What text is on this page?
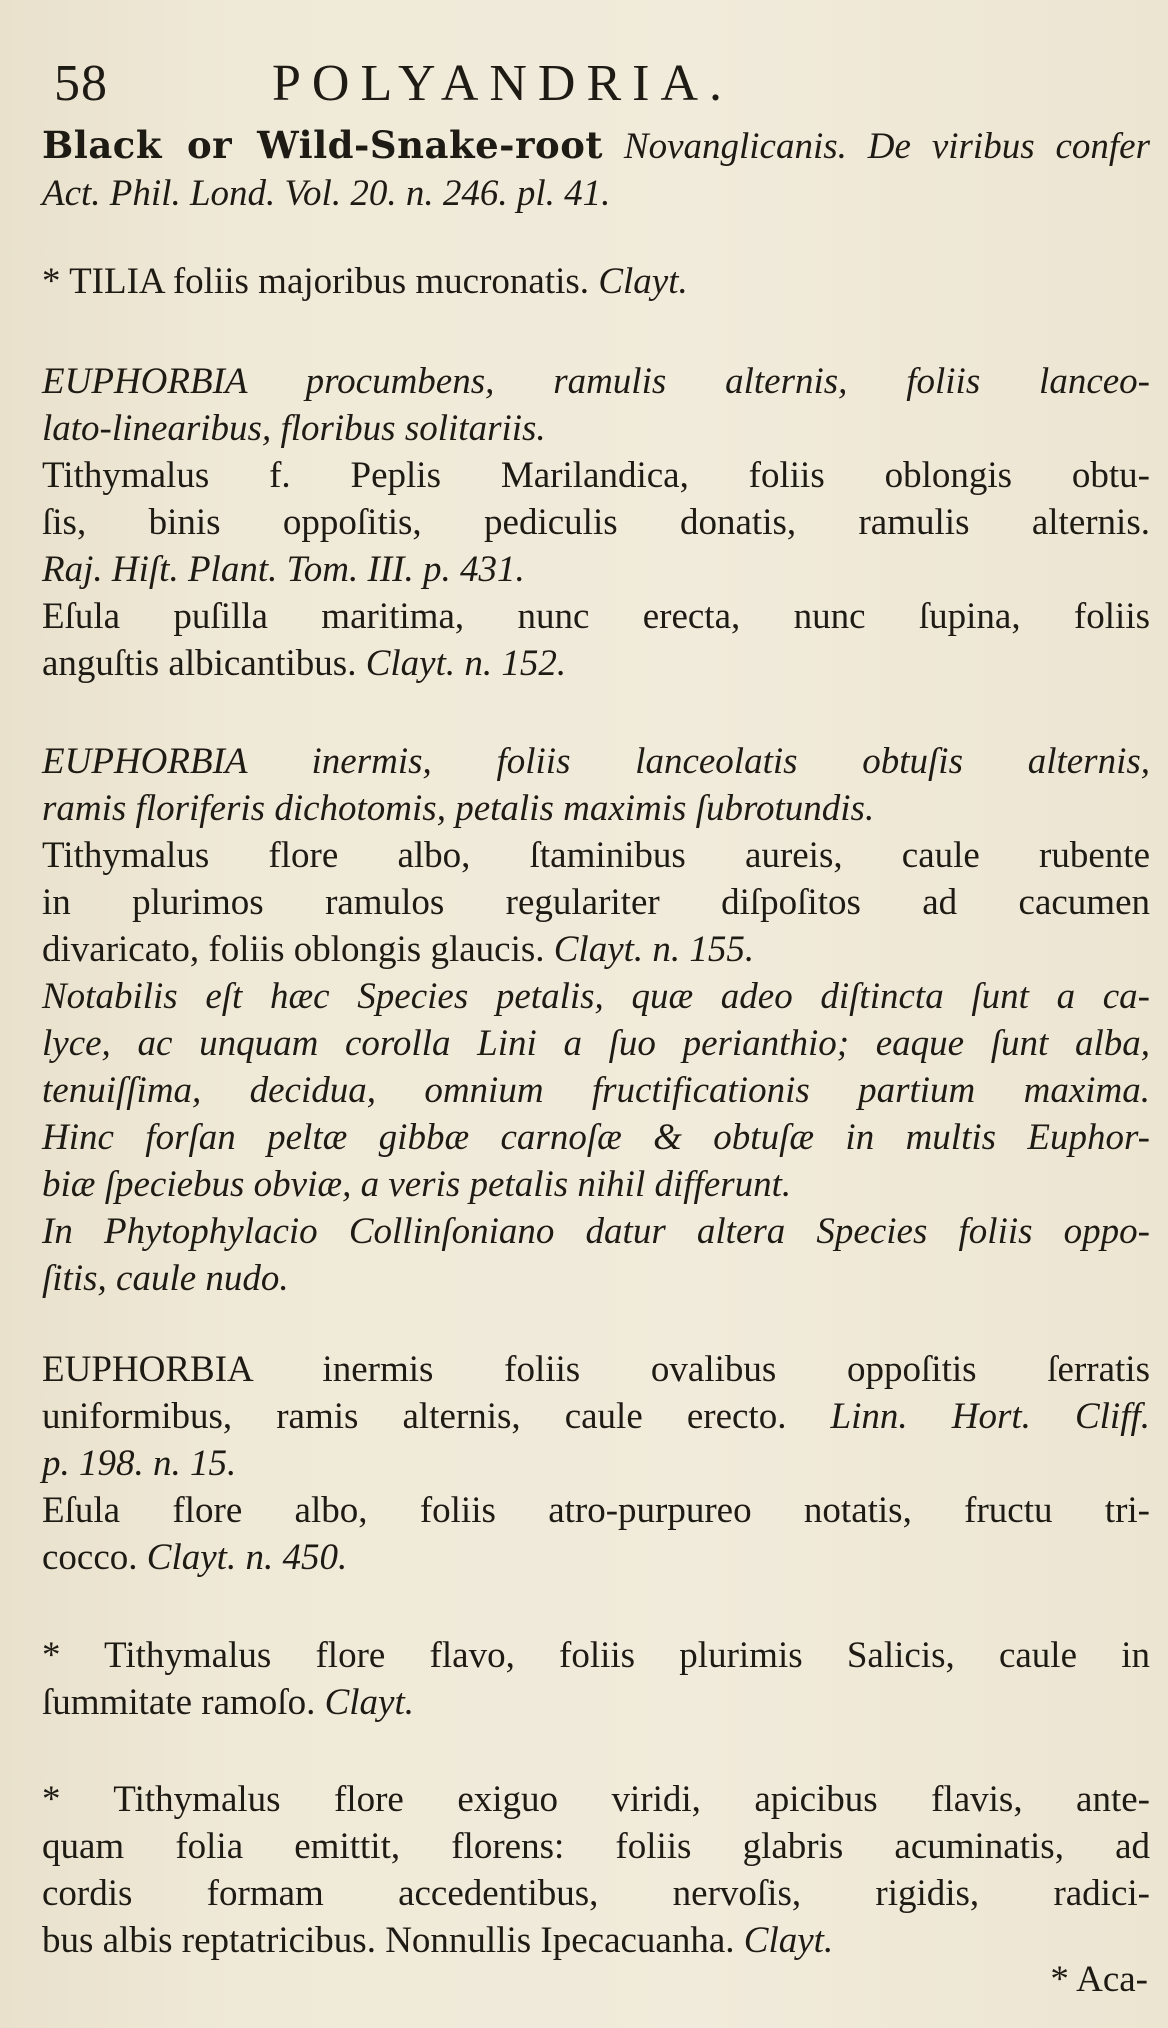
58	POLYANDRIA.

Black or Wild-Snake-root Novanglicanis. De viribus confer

Act. Phil. Lond. Vol. 20. n. 246. pl. 41.

* TILIA foliis majoribus mucronatis. Clayt.

EUPHORBIA procumbens, ramulis alternis, foliis lanceo-

lato-linearibus, floribus solitariis.

Tithymalus f. Peplis Marilandica, foliis oblongis obtu-

ſis, binis oppoſitis, pediculis donatis, ramulis alternis.

Raj. Hiſt. Plant. Tom. III. p. 431.

Eſula puſilla maritima, nunc erecta, nunc ſupina, foliis

anguſtis albicantibus. Clayt. n. 152.

EUPHORBIA inermis, foliis lanceolatis obtuſis alternis,

ramis floriferis dichotomis, petalis maximis ſubrotundis.

Tithymalus flore albo, ſtaminibus aureis, caule rubente

in plurimos ramulos regulariter diſpoſitos ad cacumen

divaricato, foliis oblongis glaucis. Clayt. n. 155.

Notabilis eſt hæc Species petalis, quæ adeo diſtincta ſunt a ca-

lyce, ac unquam corolla Lini a ſuo perianthio; eaque ſunt alba,

tenuiſſima, decidua, omnium fructificationis partium maxima.

Hinc forſan peltæ gibbæ carnoſæ & obtuſæ in multis Euphor-

biæ ſpeciebus obviæ, a veris petalis nihil differunt.

In Phytophylacio Collinſoniano datur altera Species foliis oppo-

ſitis, caule nudo.

EUPHORBIA inermis foliis ovalibus oppoſitis ſerratis

uniformibus, ramis alternis, caule erecto. Linn. Hort. Cliff.

p. 198. n. 15.

Eſula flore albo, foliis atro-purpureo notatis, fructu tri-

cocco. Clayt. n. 450.

* Tithymalus flore flavo, foliis plurimis Salicis, caule in

ſummitate ramoſo. Clayt.

* Tithymalus flore exiguo viridi, apicibus flavis, ante-

quam folia emittit, florens: foliis glabris acuminatis, ad

cordis formam accedentibus, nervoſis, rigidis, radici-

bus albis reptatricibus. Nonnullis Ipecacuanha. Clayt.

* Aca-
